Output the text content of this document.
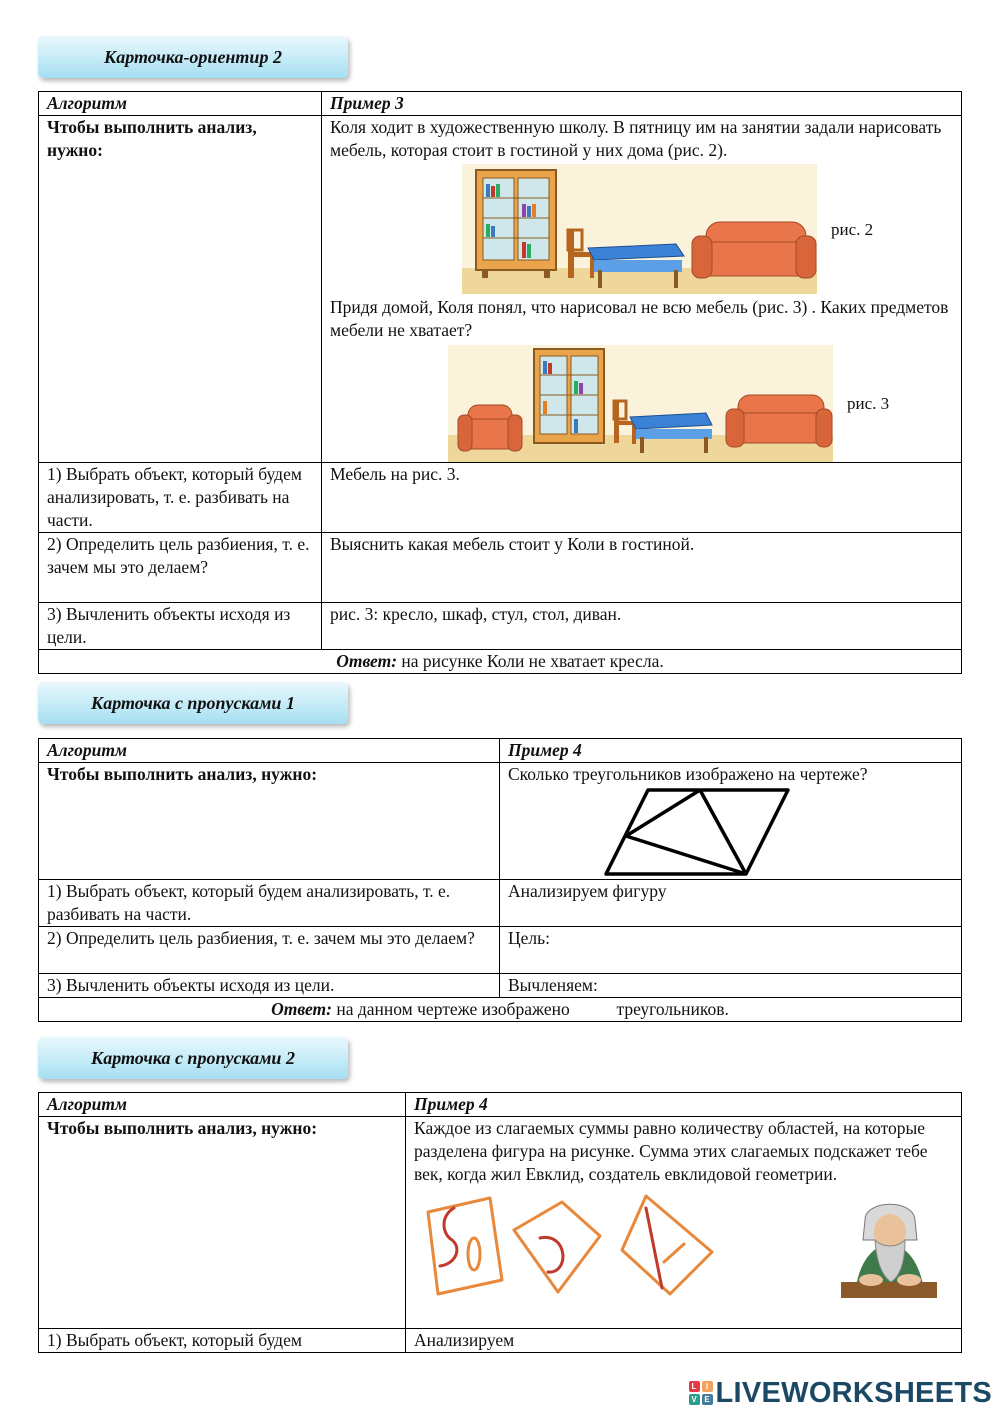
Карточка-ориентир 2
Алгоритм	Пример 3
Чтобы выполнить анализ, нужно:	Коля ходит в художественную школу. В пятницу им на занятии задали нарисовать мебель, которая стоит в гостиной у них дома (рис. 2).
рис. 2
Придя домой, Коля понял, что нарисовал не всю мебель (рис. 3) . Каких предметов мебели не хватает?
рис. 3

1) Выбрать объект, который будем анализировать, т. е. разбивать на части.	Мебель на рис. 3.
2) Определить цель разбиения, т. е. зачем мы это делаем?	Выяснить какая мебель стоит у Коли в гостиной.
3) Вычленить объекты исходя из цели.	рис. 3: кресло, шкаф, стул, стол, диван.
Ответ: на рисунке Коли не хватает кресла.	
Карточка с пропусками 1
Алгоритм	Пример 4
Чтобы выполнить анализ, нужно:	Сколько треугольников изображено на чертеже?

1) Выбрать объект, который будем анализировать, т. е. разбивать на части.	Анализируем фигуру
2) Определить цель разбиения, т. е. зачем мы это делаем?	Цель:
3) Вычленить объекты исходя из цели.	Вычленяем:
Ответ: на данном чертеже изображено треугольников.	
Карточка с пропусками 2
Алгоритм	Пример 4
Чтобы выполнить анализ, нужно:	Каждое из слагаемых суммы равно количеству областей, на которые разделена фигура на рисунке. Сумма этих слагаемых подскажет тебе век, когда жил Евклид, создатель евклидовой геометрии.

1) Выбрать объект, который будем	Анализируем
L	I
V E LIVEWORKSHEETS
